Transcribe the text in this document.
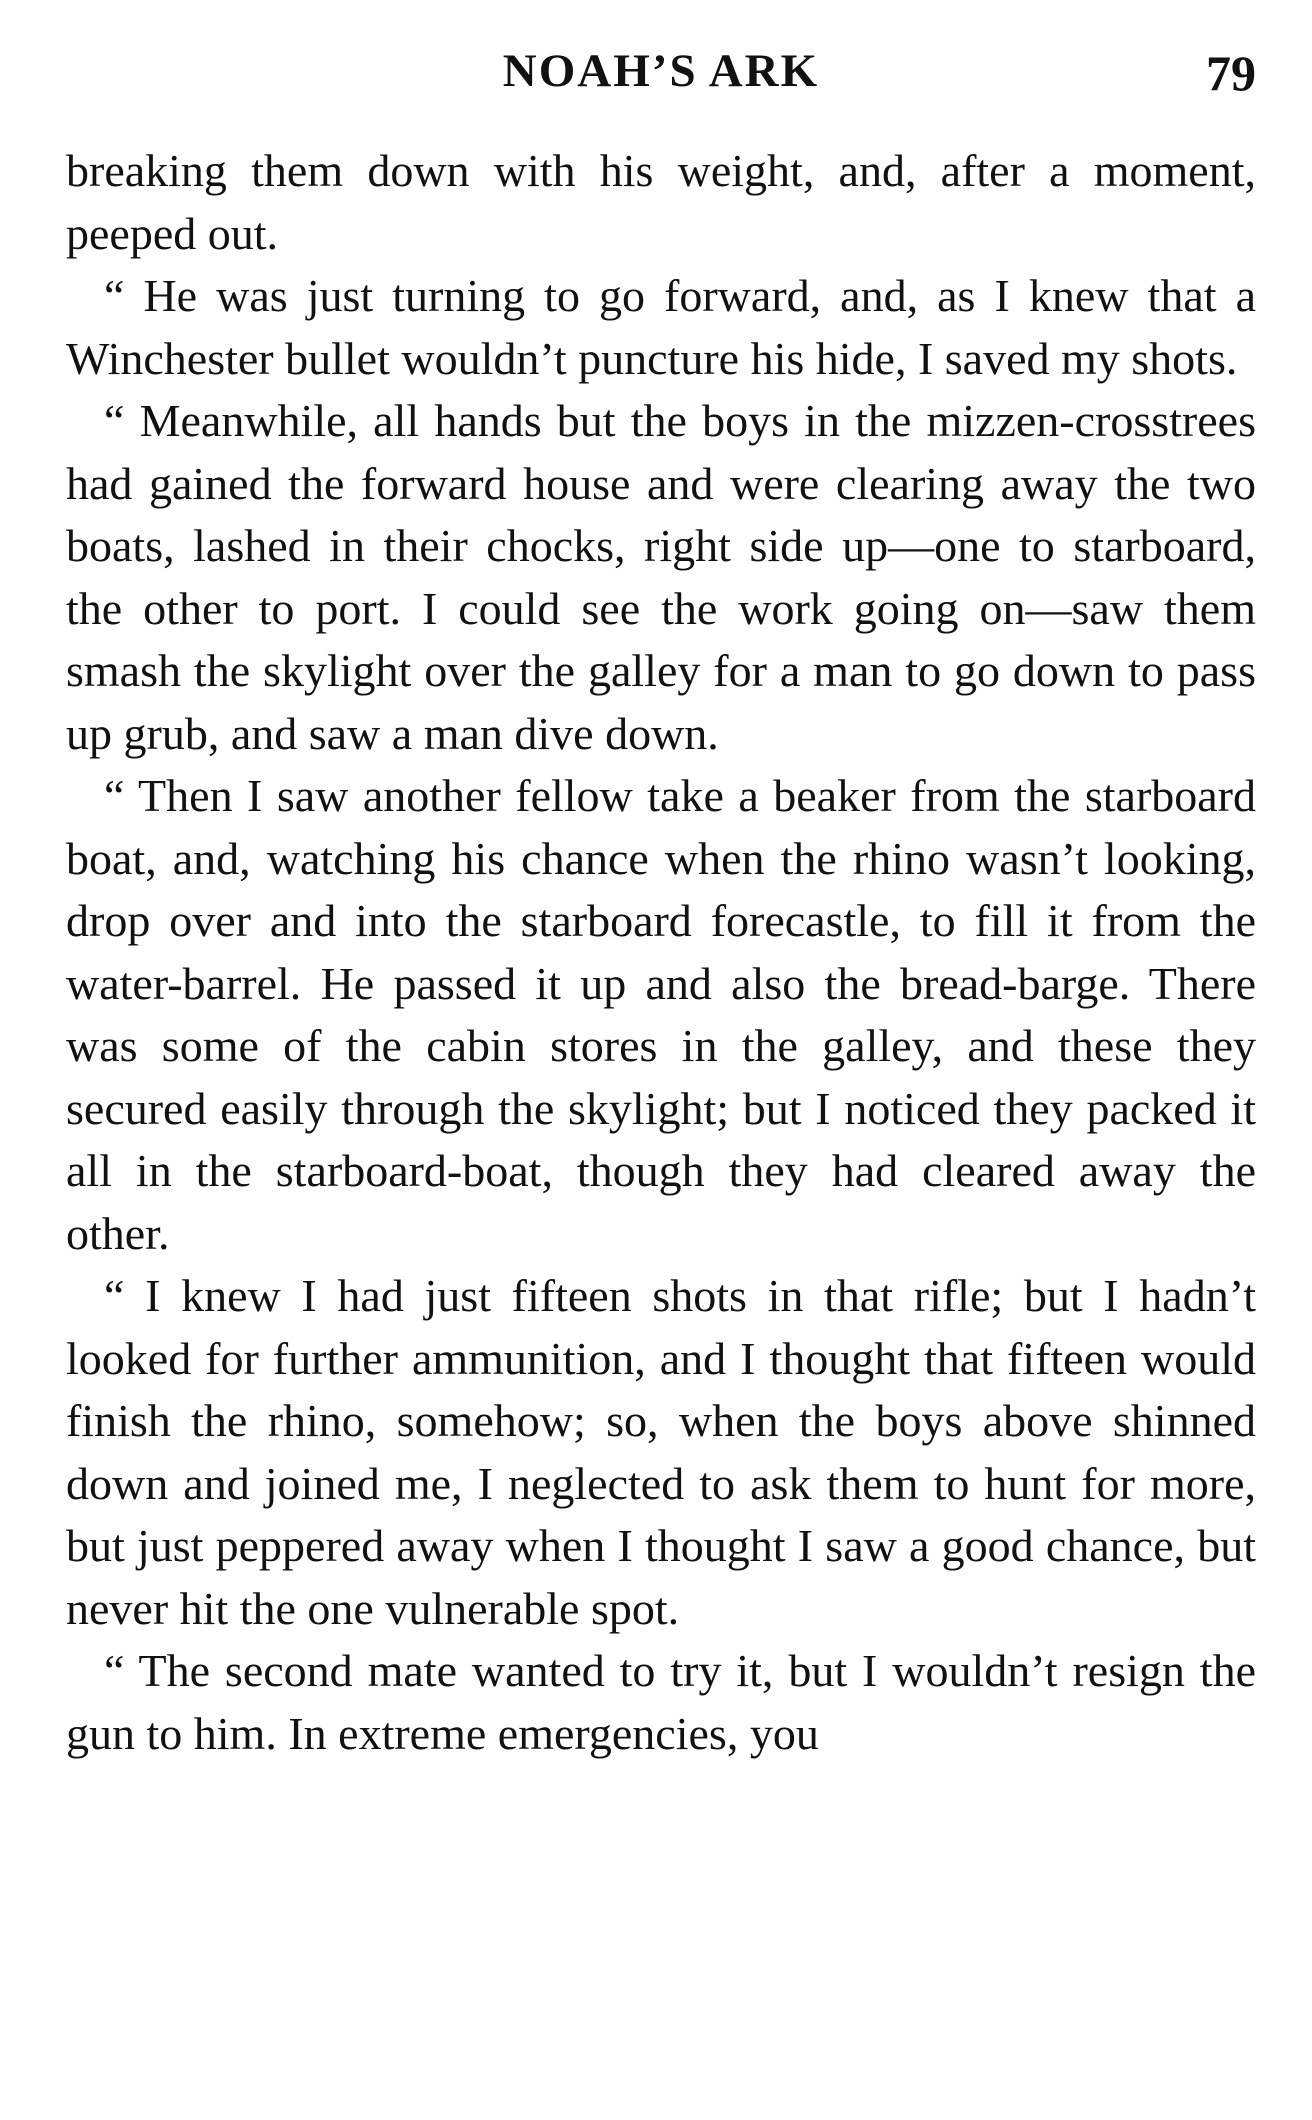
NOAH’S ARK	79

breaking them down with his weight, and, after a moment, peeped out.

“ He was just turning to go forward, and, as I knew that a Winchester bullet wouldn’t puncture his hide, I saved my shots.

“ Meanwhile, all hands but the boys in the mizzen-crosstrees had gained the forward house and were clearing away the two boats, lashed in their chocks, right side up—one to starboard, the other to port. I could see the work going on—saw them smash the skylight over the galley for a man to go down to pass up grub, and saw a man dive down.

“ Then I saw another fellow take a beaker from the starboard boat, and, watching his chance when the rhino wasn’t looking, drop over and into the starboard forecastle, to fill it from the water-barrel. He passed it up and also the bread-barge. There was some of the cabin stores in the galley, and these they secured easily through the skylight; but I noticed they packed it all in the starboard-boat, though they had cleared away the other.

“ I knew I had just fifteen shots in that rifle; but I hadn’t looked for further ammunition, and I thought that fifteen would finish the rhino, somehow; so, when the boys above shinned down and joined me, I neglected to ask them to hunt for more, but just peppered away when I thought I saw a good chance, but never hit the one vulnerable spot.

“ The second mate wanted to try it, but I wouldn’t resign the gun to him. In extreme emergencies, you
